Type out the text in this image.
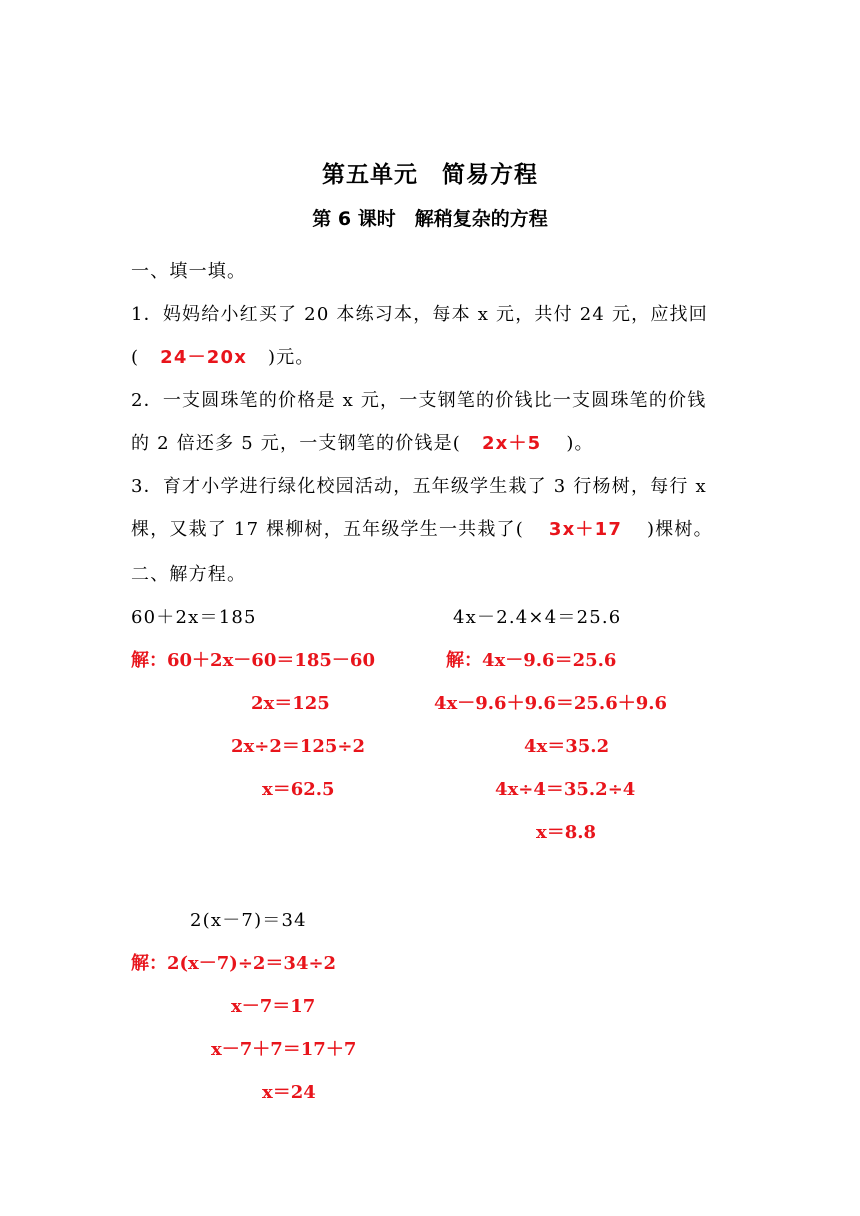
第五单元　简易方程
第 6 课时　解稍复杂的方程
一、填一填。
1．妈妈给小红买了 20 本练习本，每本 x 元，共付 24 元，应找回
( 24－20x )元。
2．一支圆珠笔的价格是 x 元，一支钢笔的价钱比一支圆珠笔的价钱
的 2 倍还多 5 元，一支钢笔的价钱是( 2x＋5 )。
3．育才小学进行绿化校园活动，五年级学生栽了 3 行杨树，每行 x
棵，又栽了 17 棵柳树，五年级学生一共栽了( 3x＋17 )棵树。
二、解方程。
60＋2x＝185
解：60＋2x－60＝185－60
2x＝125
2x÷2＝125÷2
x＝62.5
4x－2.4×4＝25.6
解：4x－9.6＝25.6
4x－9.6＋9.6＝25.6＋9.6
4x＝35.2
4x÷4＝35.2÷4
x＝8.8
2(x－7)＝34
解：2(x－7)÷2＝34÷2
x－7＝17
x－7＋7＝17＋7
x＝24
